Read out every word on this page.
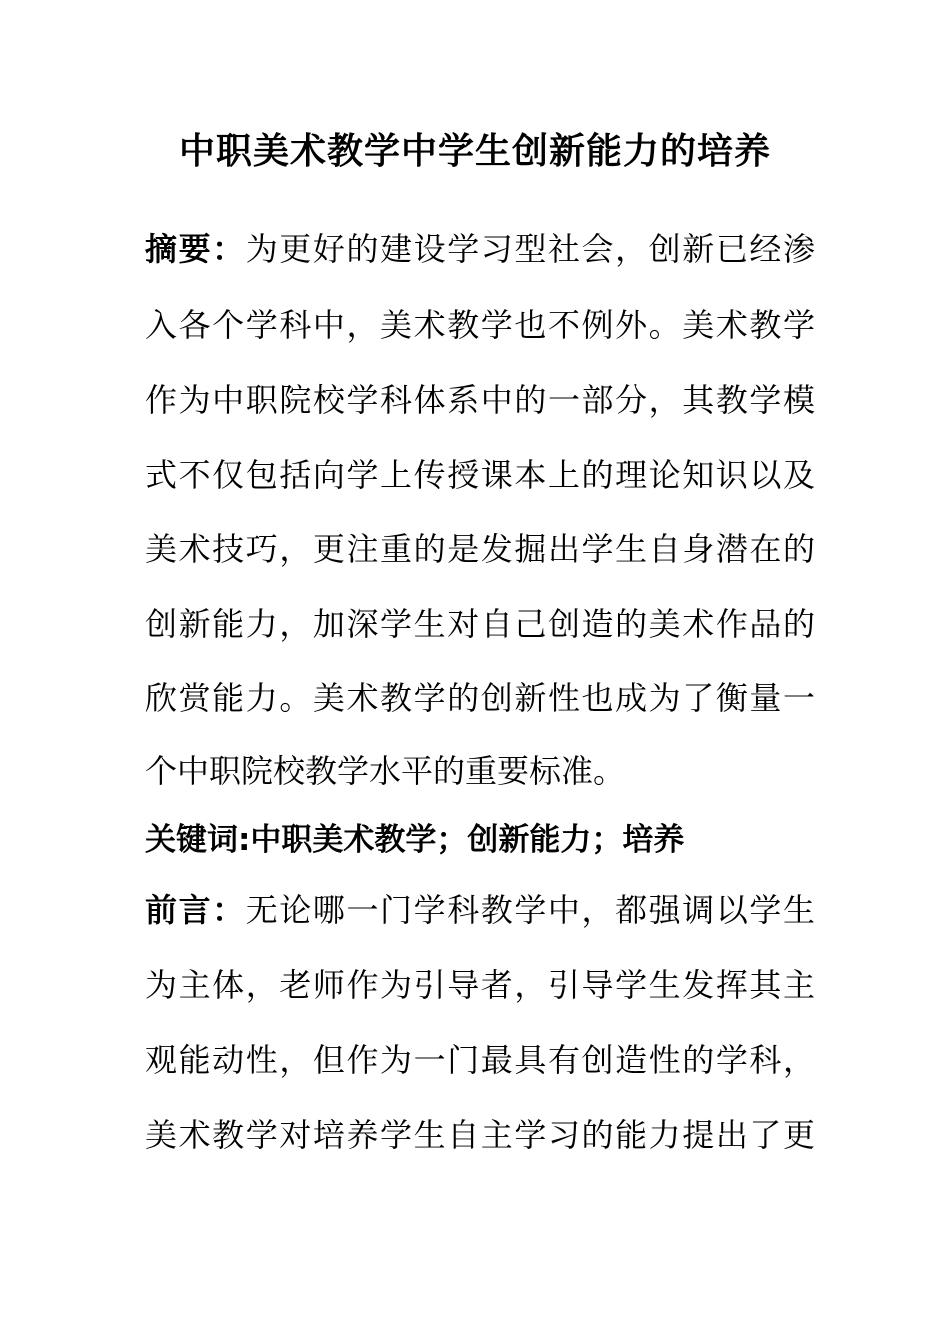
中职美术教学中学生创新能力的培养
摘要：为更好的建设学习型社会，创新已经渗
入各个学科中，美术教学也不例外。美术教学
作为中职院校学科体系中的一部分，其教学模
式不仅包括向学上传授课本上的理论知识以及
美术技巧，更注重的是发掘出学生自身潜在的
创新能力，加深学生对自己创造的美术作品的
欣赏能力。美术教学的创新性也成为了衡量一
个中职院校教学水平的重要标准。
关键词:中职美术教学；创新能力；培养
前言：无论哪一门学科教学中，都强调以学生
为主体，老师作为引导者，引导学生发挥其主
观能动性，但作为一门最具有创造性的学科，
美术教学对培养学生自主学习的能力提出了更
